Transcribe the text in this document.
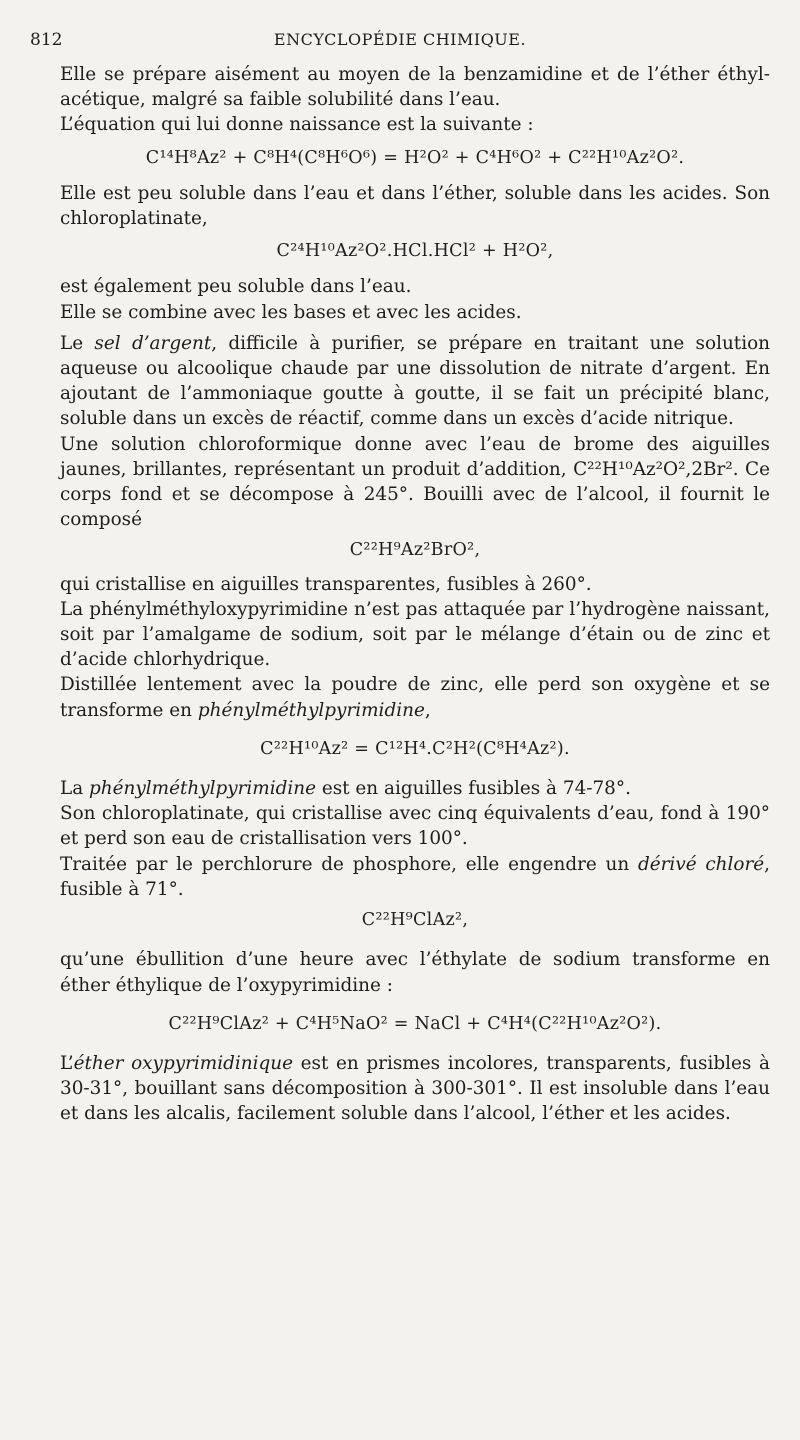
812	ENCYCLOPÉDIE CHIMIQUE.

Elle se prépare aisément au moyen de la benzamidine et de l’éther éthylacétique, malgré sa faible solubilité dans l’eau.

L’équation qui lui donne naissance est la suivante :

C¹⁴H⁸Az² + C⁸H⁴(C⁸H⁶O⁶) = H²O² + C⁴H⁶O² + C²²H¹⁰Az²O².

Elle est peu soluble dans l’eau et dans l’éther, soluble dans les acides. Son chloroplatinate,

C²⁴H¹⁰Az²O².HCl.HCl² + H²O²,

est également peu soluble dans l’eau.

Elle se combine avec les bases et avec les acides.

Le sel d’argent, difficile à purifier, se prépare en traitant une solution aqueuse ou alcoolique chaude par une dissolution de nitrate d’argent. En ajoutant de l’ammoniaque goutte à goutte, il se fait un précipité blanc, soluble dans un excès de réactif, comme dans un excès d’acide nitrique.

Une solution chloroformique donne avec l’eau de brome des aiguilles jaunes, brillantes, représentant un produit d’addition, C²²H¹⁰Az²O²,2Br². Ce corps fond et se décompose à 245°. Bouilli avec de l’alcool, il fournit le composé

C²²H⁹Az²BrO²,

qui cristallise en aiguilles transparentes, fusibles à 260°.

La phénylméthyloxypyrimidine n’est pas attaquée par l’hydrogène naissant, soit par l’amalgame de sodium, soit par le mélange d’étain ou de zinc et d’acide chlorhydrique.

Distillée lentement avec la poudre de zinc, elle perd son oxygène et se transforme en phénylméthylpyrimidine,

C²²H¹⁰Az² = C¹²H⁴.C²H²(C⁸H⁴Az²).

La phénylméthylpyrimidine est en aiguilles fusibles à 74-78°.

Son chloroplatinate, qui cristallise avec cinq équivalents d’eau, fond à 190° et perd son eau de cristallisation vers 100°.

Traitée par le perchlorure de phosphore, elle engendre un dérivé chloré, fusible à 71°.

C²²H⁹ClAz²,

qu’une ébullition d’une heure avec l’éthylate de sodium transforme en éther éthylique de l’oxypyrimidine :

C²²H⁹ClAz² + C⁴H⁵NaO² = NaCl + C⁴H⁴(C²²H¹⁰Az²O²).

L’éther oxypyrimidinique est en prismes incolores, transparents, fusibles à 30-31°, bouillant sans décomposition à 300-301°. Il est insoluble dans l’eau et dans les alcalis, facilement soluble dans l’alcool, l’éther et les acides.
